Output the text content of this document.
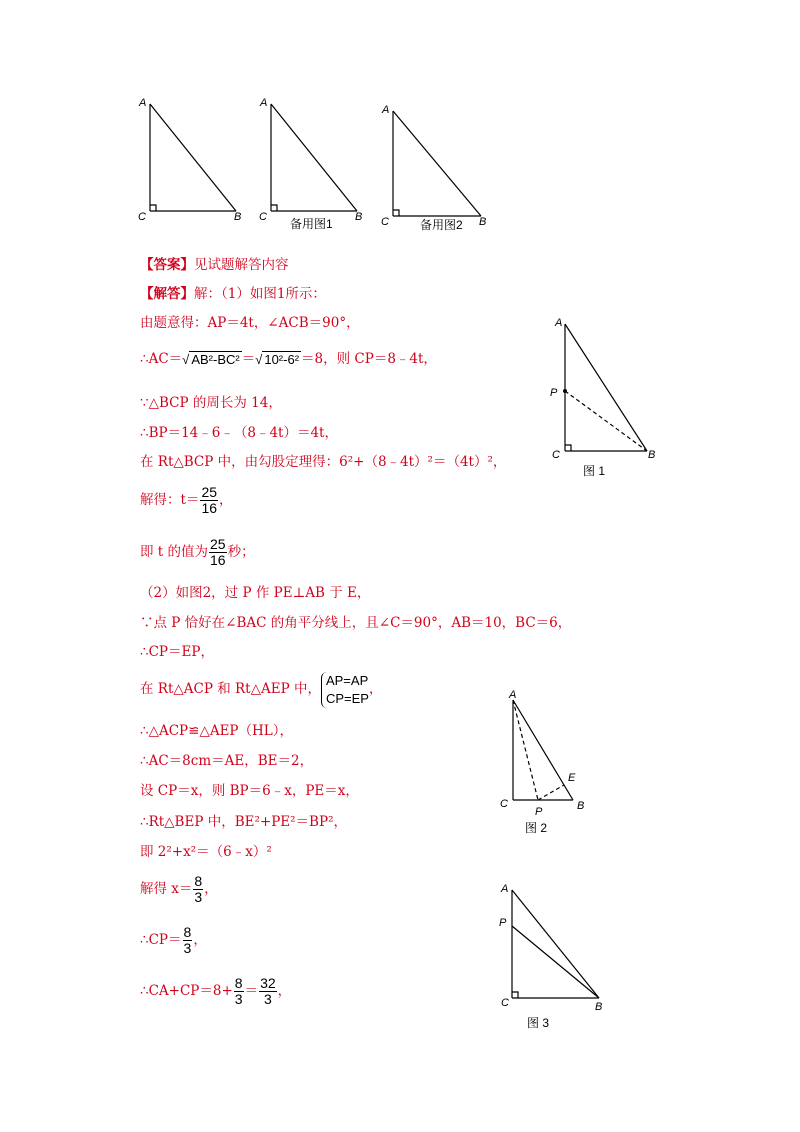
A
C	B
A
C	B
备用图1
A
C	B
备用图2
【答案】见试题解答内容
【解答】解：（1）如图1所示：
由题意得：AP＝4t，∠ACB＝90°，
∴AC＝√ AB²-BC² ＝√ 10²-6² ＝8，则 CP＝8﹣4t，
∵△BCP 的周长为 14，
∴BP＝14﹣6﹣（8﹣4t）＝4t，
在 Rt△BCP 中，由勾股定理得：6²+（8﹣4t）²＝（4t）²，
解得：$t= \frac{25}{16}$ ，
即 t 的值为 $\frac{25}{16}$ 秒；
（2）如图2，过 P 作 PE⊥AB 于 E，
∵点 P 恰好在∠BAC 的角平分线上，且∠C＝90°，AB＝10，BC＝6，
∴CP＝EP，
在 Rt△ACP 和 Rt△AEP 中，
AP=AP
CP=EP
，
∴△ACP≌△AEP（HL），
∴AC＝8cm＝AE，BE＝2，
设 CP＝x，则 BP＝6﹣x，PE＝x，
∴Rt△BEP 中，BE²+PE²＝BP²，
即 2²+x²＝（6﹣x）²
解得 $x= \frac{8}{3}$ ，
∴CP＝ $\frac{8}{3}$ ，
∴CA+CP＝8+ $\frac{8}{3} = \frac{32}{3}$ ，
A
P
C	B
图 1
A
E
C
P	B
图 2
A
P
C	B
图 3
